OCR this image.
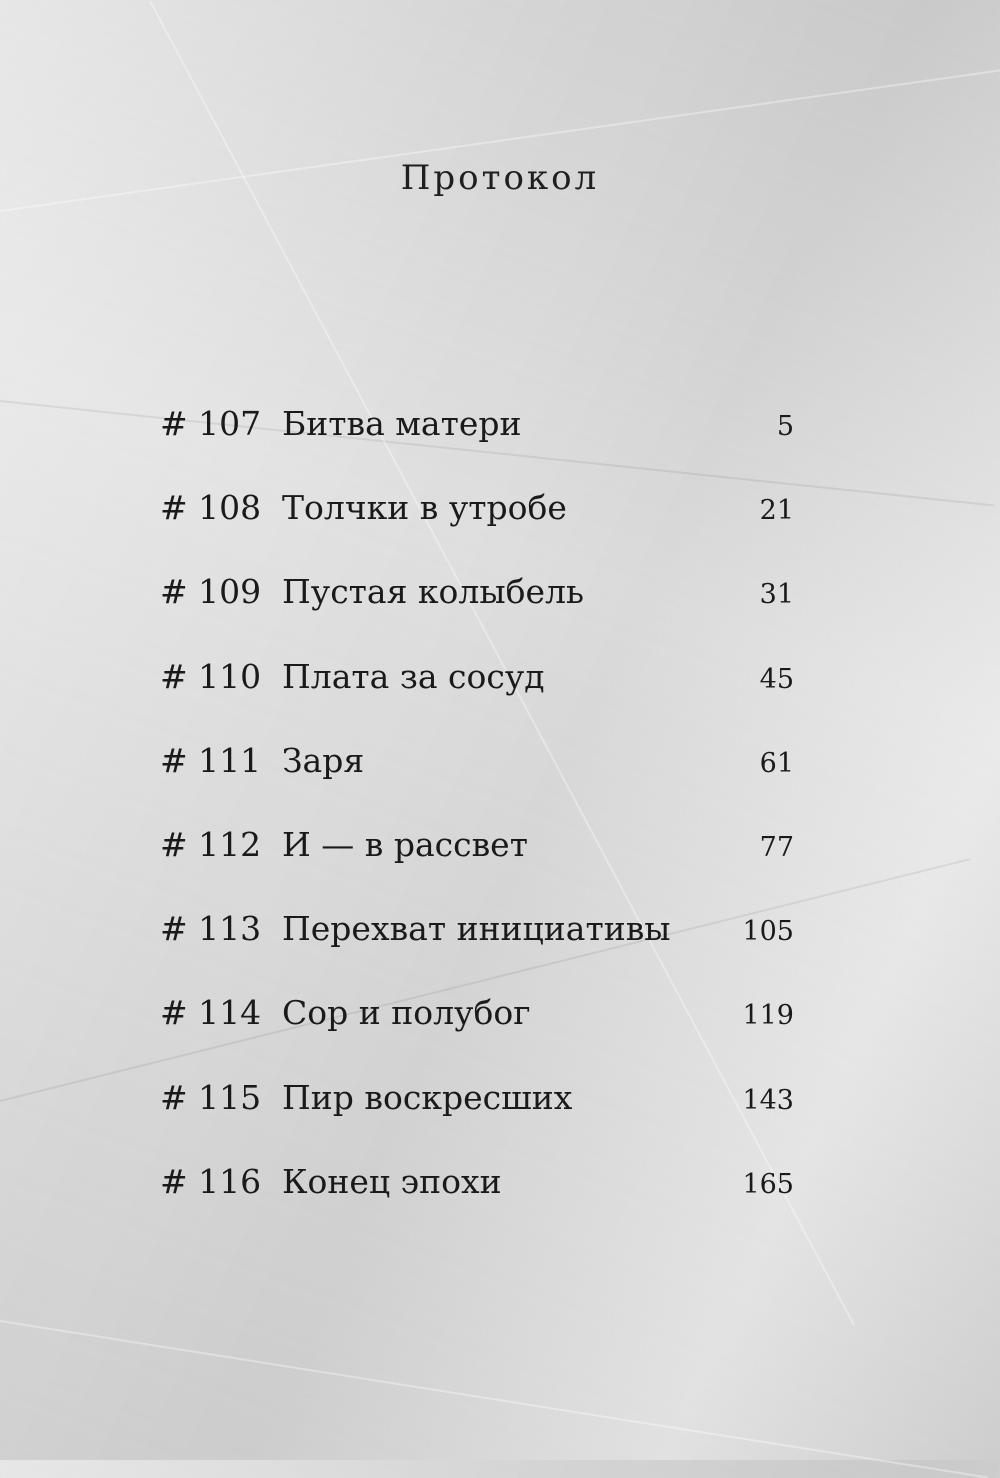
Протокол
# 107 Битва матери	5
# 108 Толчки в утробе	21
# 109 Пустая колыбель	31
# 110 Плата за сосуд	45
# 111 Заря	61
# 112 И — в рассвет	77
# 113 Перехват инициативы	105
# 114 Сор и полубог	119
# 115 Пир воскресших	143
# 116 Конец эпохи	165
